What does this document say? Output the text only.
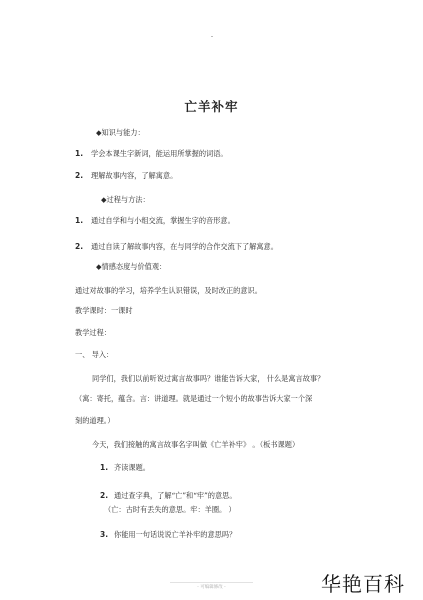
亡羊补牢
◆知识与能力：
1. 学会本课生字新词，能运用所掌握的词语。
2. 理解故事内容，了解寓意。
◆过程与方法：
1. 通过自学和与小组交流，掌握生字的音形意。
2. 通过自读了解故事内容，在与同学的合作交流下了解寓意。
◆情感态度与价值观：
通过对故事的学习，培养学生认识错误，及时改正的意识。
教学课时：一课时
教学过程：
一、 导入：
同学们，我们以前听说过寓言故事吗？谁能告诉大家， 什么是寓言故事？
（寓：寄托，蕴含。言：讲道理。就是通过一个短小的故事告诉大家一个深
刻的道理。）
今天，我们接触的寓言故事名字叫做《亡羊补牢》 。（板书课题）
1. 齐读课题。
2. 通过查字典，了解“亡”和“牢”的意思。
（亡：古时有丢失的意思。牢：羊圈。 ）
3. 你能用一句话说说亡羊补牢的意思吗？
- 可编辑修改 -	华艳百科
